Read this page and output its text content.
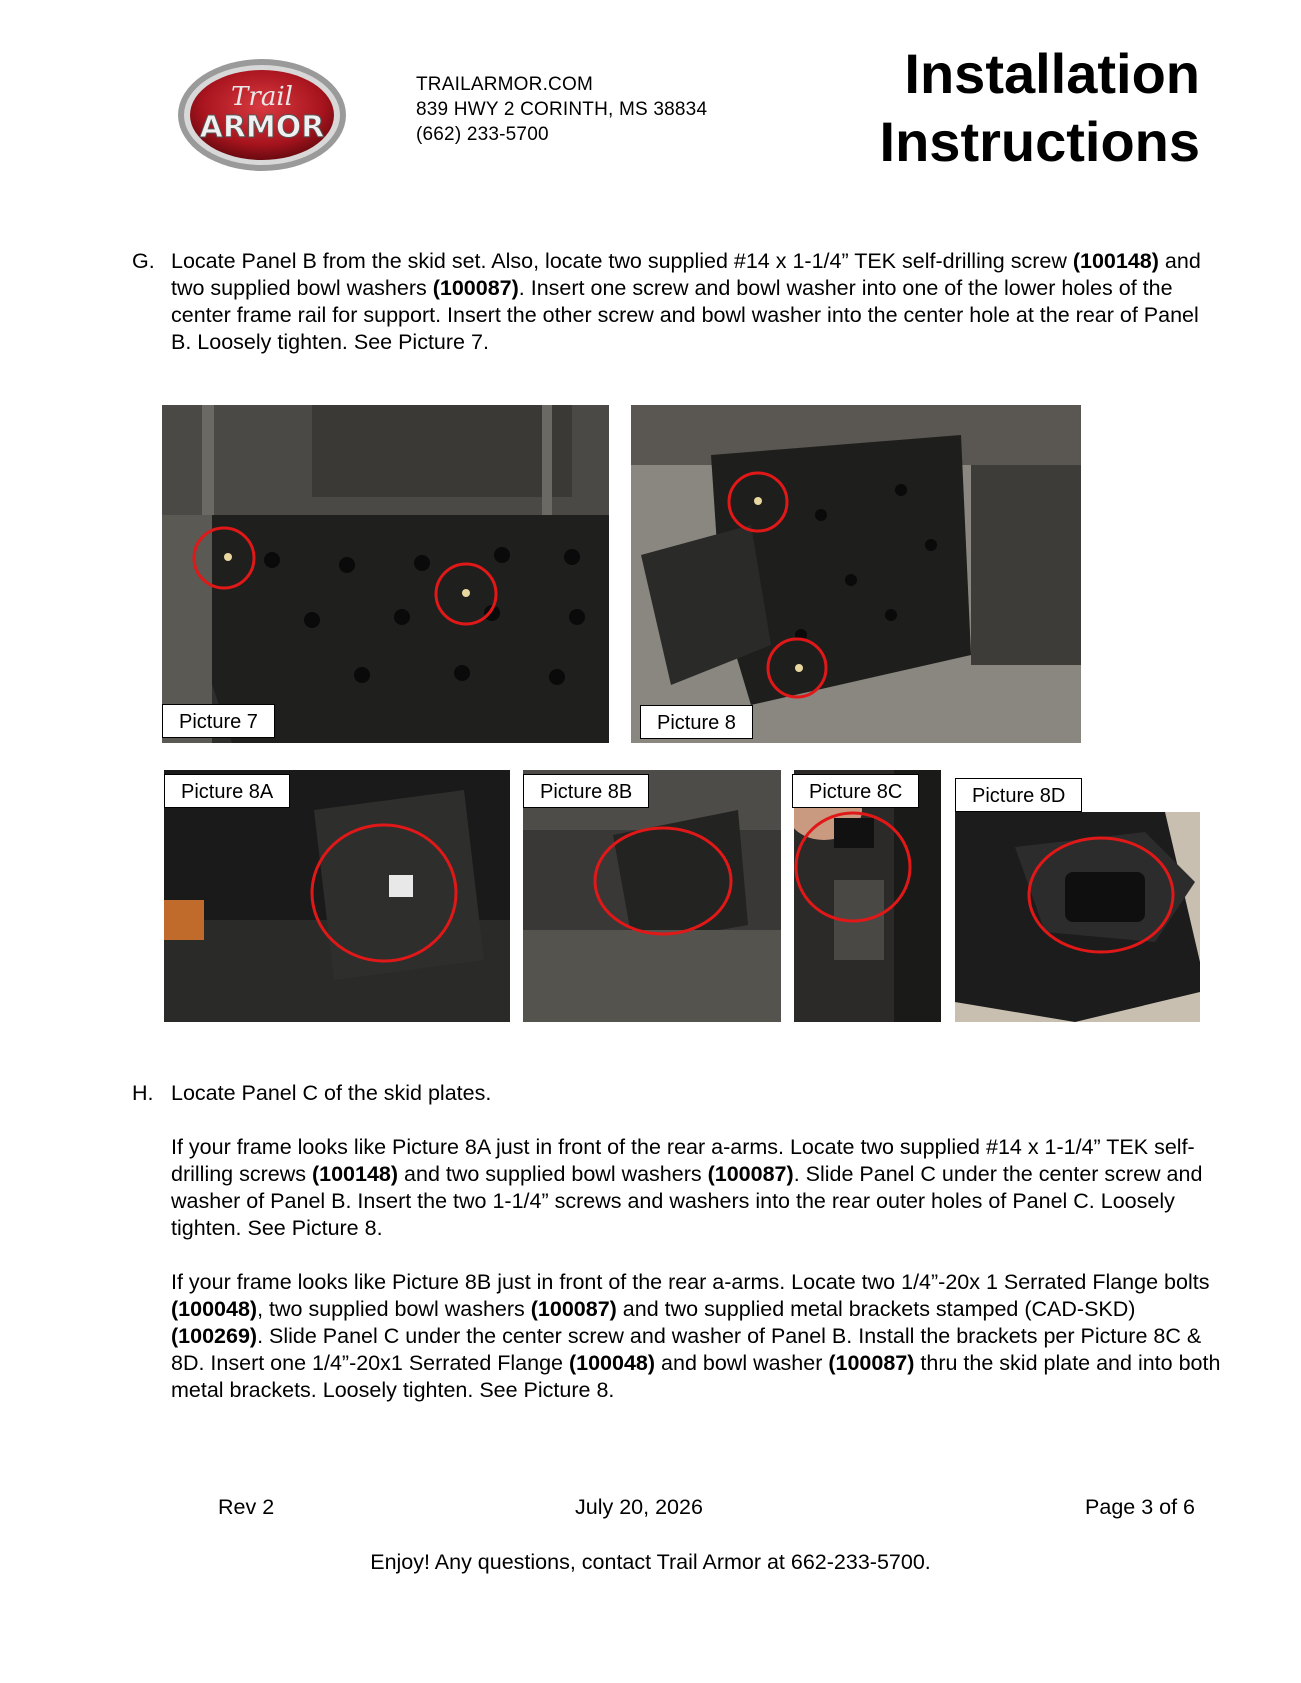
Trail
ARMOR
TRAILARMOR.COM
839 HWY 2 CORINTH, MS 38834
(662) 233-5700
Installation
Instructions
G. Locate Panel B from the skid set. Also, locate two supplied #14 x 1-1/4” TEK self-drilling screw (100148) and two supplied bowl washers (100087). Insert one screw and bowl washer into one of the lower holes of the center frame rail for support. Insert the other screw and bowl washer into the center hole at the rear of Panel B. Loosely tighten. See Picture 7.

Picture 7	Picture 8
Picture 8A	Picture 8B	Picture 8C	Picture 8D
H. Locate Panel C of the skid plates.

If your frame looks like Picture 8A just in front of the rear a-arms. Locate two supplied #14 x 1-1/4” TEK self-drilling screws (100148) and two supplied bowl washers (100087). Slide Panel C under the center screw and washer of Panel B. Insert the two 1-1/4” screws and washers into the rear outer holes of Panel C. Loosely tighten. See Picture 8.

If your frame looks like Picture 8B just in front of the rear a-arms. Locate two 1/4”-20x 1 Serrated Flange bolts (100048), two supplied bowl washers (100087) and two supplied metal brackets stamped (CAD-SKD) (100269). Slide Panel C under the center screw and washer of Panel B. Install the brackets per Picture 8C & 8D. Insert one 1/4”-20x1 Serrated Flange (100048) and bowl washer (100087) thru the skid plate and into both metal brackets. Loosely tighten. See Picture 8.

Rev 2	July 20, 2026	Page 3 of 6
Enjoy! Any questions, contact Trail Armor at 662-233-5700.
